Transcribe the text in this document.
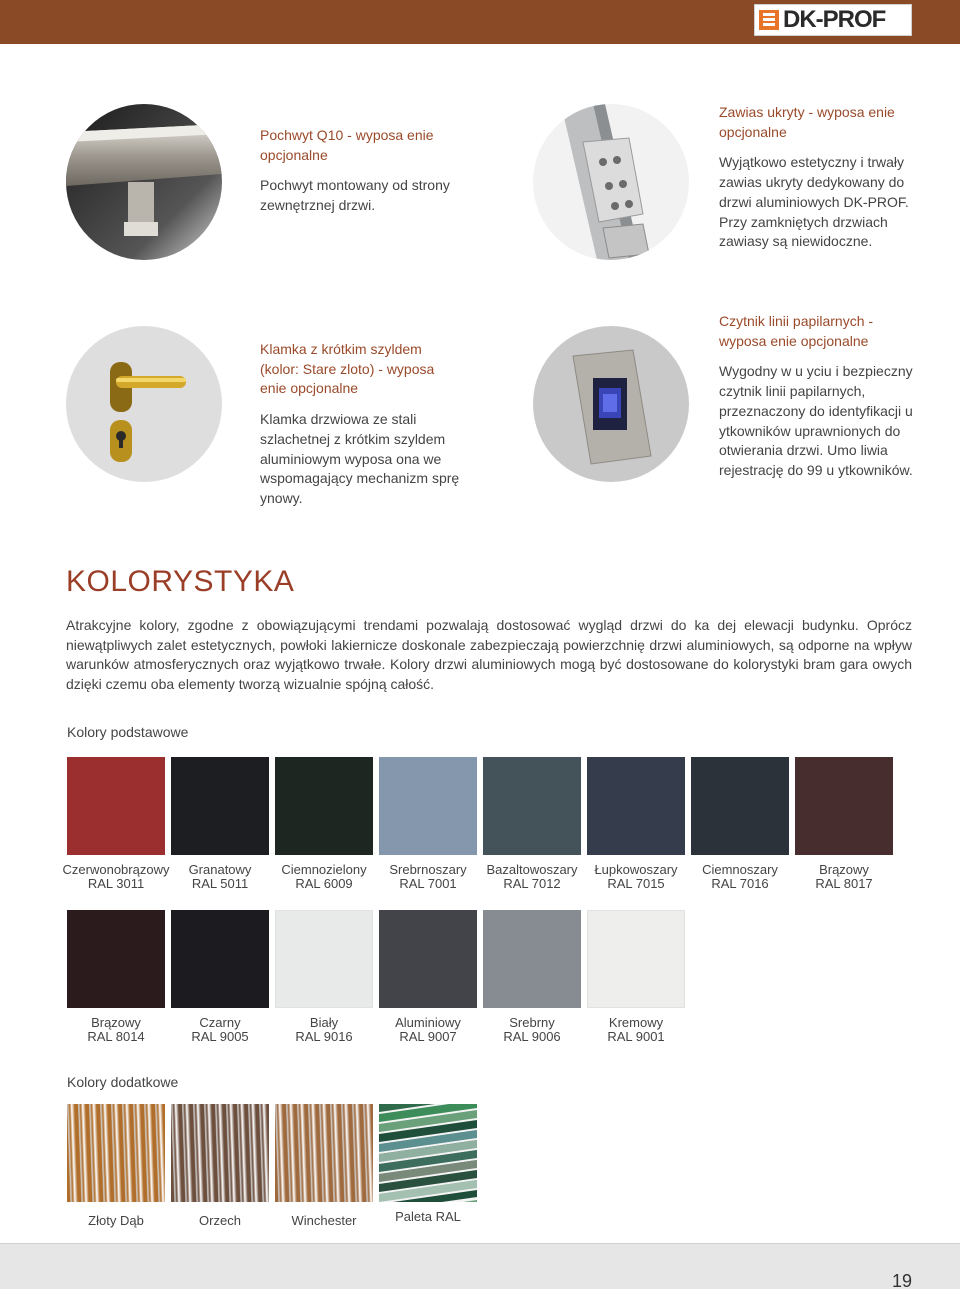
DK-PROF
Pochwyt Q10 - wyposa enie opcjonalne
Pochwyt montowany od strony zewnętrznej drzwi.
Zawias ukryty - wyposa enie opcjonalne
Wyjątkowo estetyczny i trwały zawias ukryty dedykowany do drzwi aluminiowych DK-PROF. Przy zamkniętych drzwiach zawiasy są niewidoczne.
Klamka z krótkim szyldem (kolor: Stare zloto) - wyposa enie opcjonalne
Klamka drzwiowa ze stali szlachetnej z krótkim szyldem aluminiowym wyposa ona we wspomagający mechanizm sprę ynowy.
Czytnik linii papilarnych - wyposa enie opcjonalne
Wygodny w u yciu i bezpieczny czytnik linii papilarnych, przeznaczony do identyfikacji u ytkowników uprawnionych do otwierania drzwi. Umo liwia rejestrację do 99 u ytkowników.
KOLORYSTYKA
Atrakcyjne kolory, zgodne z obowiązującymi trendami pozwalają dostosować wygląd drzwi do ka dej elewacji budynku. Oprócz niewątpliwych zalet estetycznych, powłoki lakiernicze doskonale zabezpieczają powierzchnię drzwi aluminiowych, są odporne na wpływ warunków atmosferycznych oraz wyjątkowo trwałe. Kolory drzwi aluminiowych mogą być dostosowane do kolorystyki bram gara owych dzięki czemu oba elementy tworzą wizualnie spójną całość.
Kolory podstawowe
Czerwonobrązowy
RAL 3011
Granatowy
RAL 5011
Ciemnozielony
RAL 6009
Srebrnoszary
RAL 7001
Bazaltowoszary
RAL 7012
Łupkowoszary
RAL 7015
Ciemnoszary
RAL 7016
Brązowy
RAL 8017
Brązowy
RAL 8014
Czarny
RAL 9005
Biały
RAL 9016
Aluminiowy
RAL 9007
Srebrny
RAL 9006
Kremowy
RAL 9001
Kolory dodatkowe
Złoty Dąb	Orzech	Winchester	Paleta RAL
19
